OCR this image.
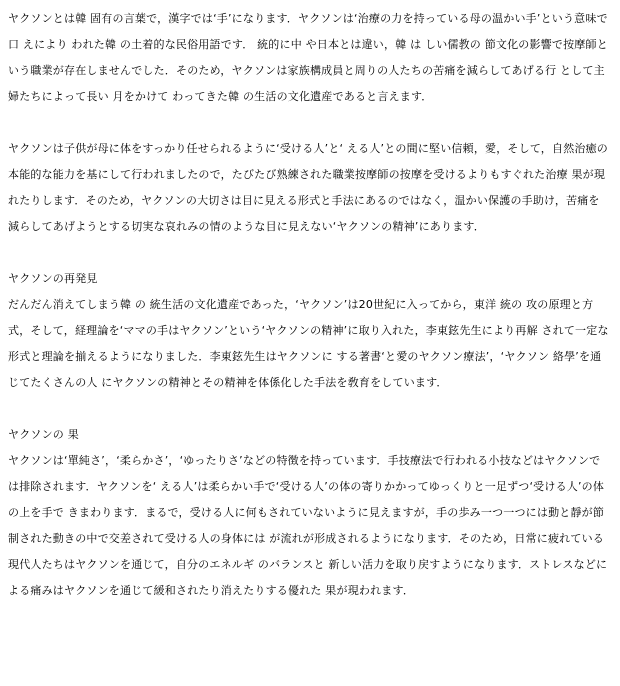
ヤクソンとは韓 固有の言葉で，漢字では‘手’になります．ヤクソンは‘治療の力を持っている母の温かい手’という意味で口 えにより われた韓 の土着的な民俗用語です． 統的に中 や日本とは違い，韓 は しい儒教の 節文化の影響で按摩師という職業が存在しませんでした．そのため，ヤクソンは家族構成員と周りの人たちの苦痛を減らしてあげる行 として主婦たちによって長い 月をかけて わってきた韓 の生活の文化遺産であると言えます．

ヤクソンは子供が母に体をすっかり任せられるように‘受ける人’と‘ える人’との間に堅い信頼，愛，そして，自然治癒の本能的な能力を基にして行われましたので，たびたび熟練された職業按摩師の按摩を受けるよりもすぐれた治療 果が現れたりします．そのため，ヤクソンの大切さは目に見える形式と手法にあるのではなく，温かい保護の手助け，苦痛を減らしてあげようとする切実な哀れみの情のような目に見えない‘ヤクソンの精神’にあります．

ヤクソンの再発見

だんだん消えてしまう韓 の 統生活の文化遺産であった，‘ヤクソン’は20世紀に入ってから，東洋 統の 攻の原理と方式，そして，経理論を‘ママの手はヤクソン’という‘ヤクソンの精神’に取り入れた，李東鉉先生により再解 されて一定な形式と理論を揃えるようになりました．李東鉉先生はヤクソンに する著書‘と愛のヤクソン療法’，‘ヤクソン 絡學’を通じてたくさんの人 にヤクソンの精神とその精神を体係化した手法を敎育をしています．

ヤクソンの 果

ヤクソンは‘單純さ’，‘柔らかさ’，‘ゆったりさ’などの特徴を持っています．手技療法で行われる小技などはヤクソンでは排除されます．ヤクソンを‘ える人’は柔らかい手で‘受ける人’の体の寄りかかってゆっくりと一足ずつ‘受ける人’の体の上を手で きまわります．まるで，受ける人に何もされていないように見えますが，手の歩み一つ一つには動と靜が節制された動きの中で交差されて受ける人の身体には が流れが形成されるようになります．そのため，日常に疲れている現代人たちはヤクソンを通じて，自分のエネルギ のバランスと 新しい活力を取り戻すようになります．ストレスなどによる痛みはヤクソンを通じて緩和されたり消えたりする優れた 果が現われます．
